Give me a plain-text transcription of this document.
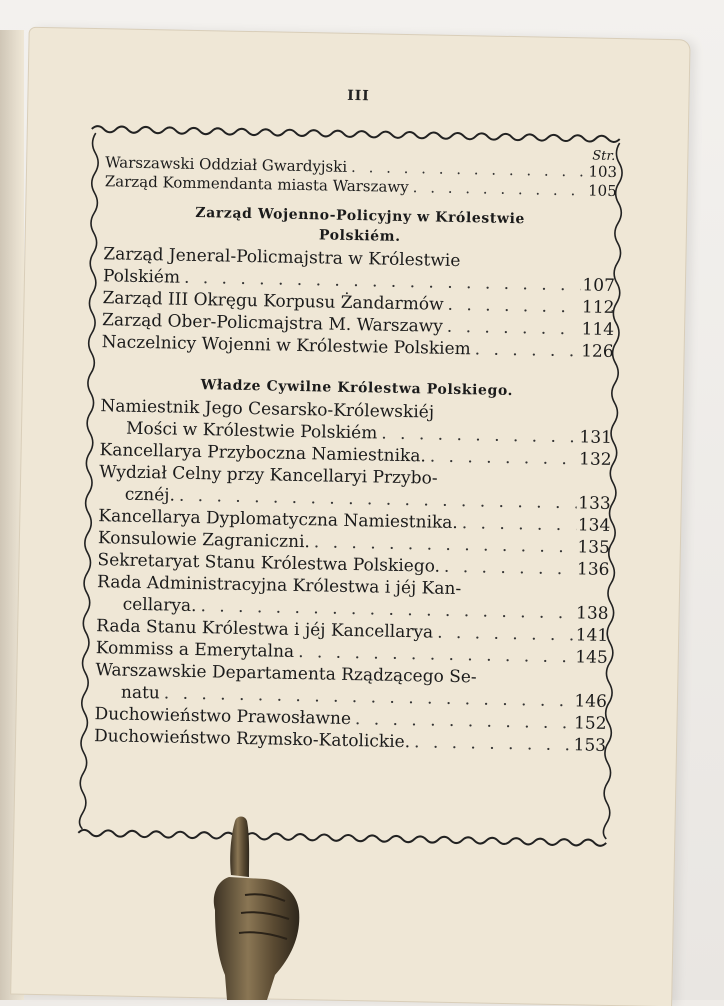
III
Str.
Warszawski Oddział Gwardyjski . . .	103
Zarząd Kommendanta miasta Warszawy . . .	105
Zarząd Wojenno-Policyjny w Królestwie
Polskiém.
Zarząd Jeneral-Policmajstra w Królestwie
Polskiém . . .	107
Zarząd III Okręgu Korpusu Żandarmów . . .	112
Zarząd Ober-Policmajstra M. Warszawy . . .	114
Naczelnicy Wojenni w Królestwie Polskiem . . .	126
Władze Cywilne Królestwa Polskiego.
Namiestnik Jego Cesarsko-Królewskiéj
Mości w Królestwie Polskiém . . .	131
Kancellarya Przyboczna Namiestnika. . . .	132
Wydział Celny przy Kancellaryi Przybo-
cznéj. . . .	133
Kancellarya Dyplomatyczna Namiestnika. . . .	134
Konsulowie Zagraniczni. . . .	135
Sekretaryat Stanu Królestwa Polskiego. . . .	136
Rada Administracyjna Królestwa i jéj Kan-
cellarya. . . .	138
Rada Stanu Królestwa i jéj Kancellarya . . .	141
Kommiss a Emerytalna . . .	145
Warszawskie Departamenta Rządzącego Se-
natu . . .	146
Duchowieństwo Prawosławne . . .	152
Duchowieństwo Rzymsko-Katolickie. . . .	153
